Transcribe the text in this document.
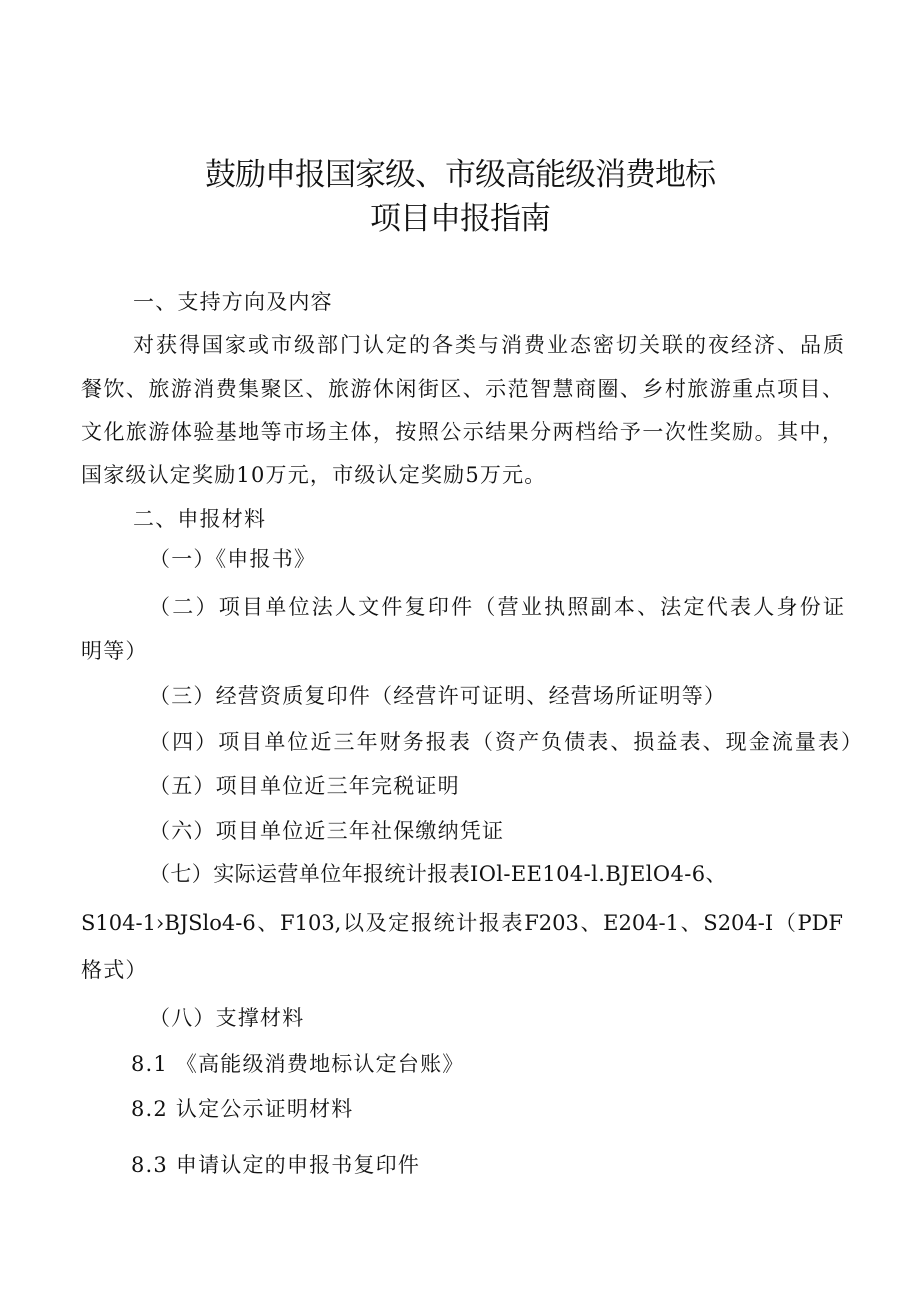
鼓励申报国家级、市级高能级消费地标
项目申报指南
一、支持方向及内容
对获得国家或市级部门认定的各类与消费业态密切关联的夜经济、品质
餐饮、旅游消费集聚区、旅游休闲街区、示范智慧商圈、乡村旅游重点项目、
文化旅游体验基地等市场主体，按照公示结果分两档给予一次性奖励。其中，
国家级认定奖励10万元，市级认定奖励5万元。
二、申报材料
（一）《申报书》
（二）项目单位法人文件复印件（营业执照副本、法定代表人身份证
明等）
（三）经营资质复印件（经营许可证明、经营场所证明等）
（四）项目单位近三年财务报表（资产负债表、损益表、现金流量表）
（五）项目单位近三年完税证明
（六）项目单位近三年社保缴纳凭证
（七）实际运营单位年报统计报表IOl-EE104-l.BJElO4-6、
S104-1›BJSlo4-6、F103,以及定报统计报表F203、E204-1、S204-I（PDF
格式）
（八）支撑材料
8.1 《高能级消费地标认定台账》
8.2 认定公示证明材料
8.3 申请认定的申报书复印件
